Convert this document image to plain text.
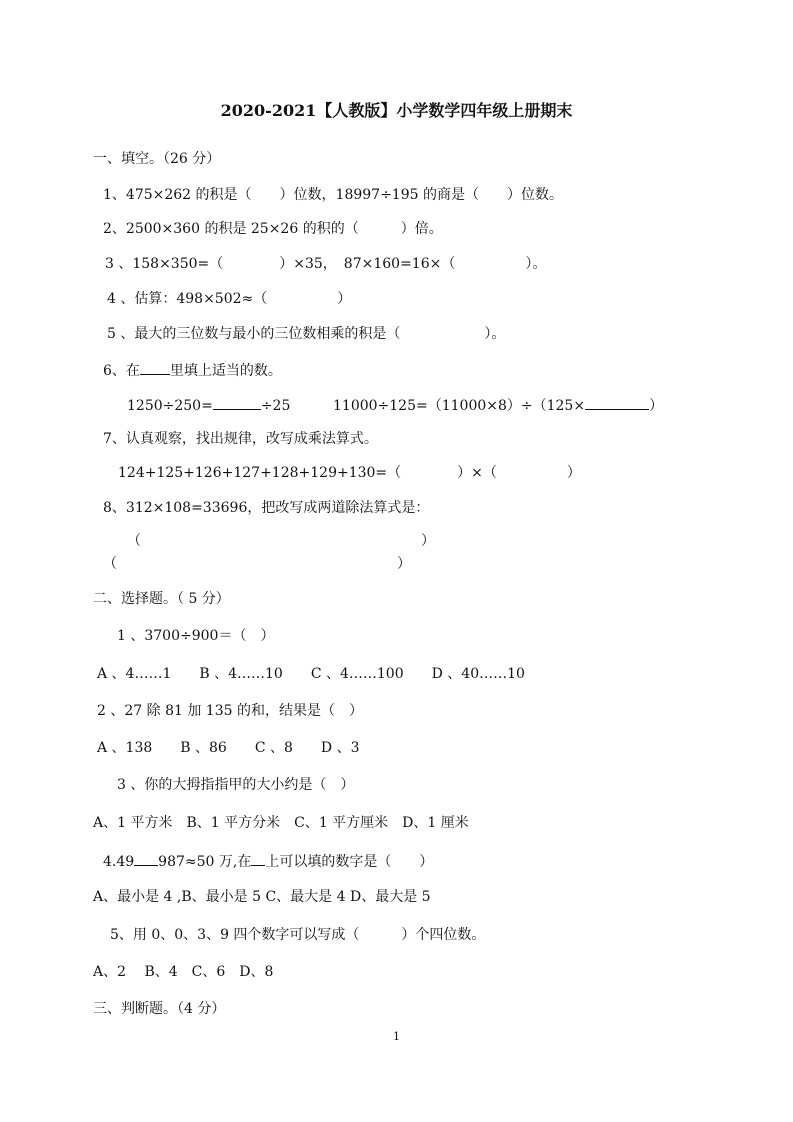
2020-2021【人教版】小学数学四年级上册期末
一、填空。（26 分）
1、475×262 的积是（　　）位数，18997÷195 的商是（　　）位数。
2、2500×360 的积是 25×26 的积的（　　　）倍。
3 、158×350=（　　　　）×35，　87×160=16×（　　　　　）。
4 、估算：498×502≈（　　　　　）
5 、最大的三位数与最小的三位数相乘的积是（　　　　　　）。
6、在 里填上适当的数。
1250÷250=	÷25	11000÷125=（11000×8）÷（125×	）
7、认真观察，找出规律，改写成乘法算式。
124+125+126+127+128+129+130=（　　　　）×（　　　　　）
8、312×108=33696，把改写成两道除法算式是：
（	）
（	）
二、选择题。（ 5 分）
1 、3700÷900＝（　）
A 、4……1　　B 、4……10　　C 、4……100　　D 、40……10
2 、27 除 81 加 135 的和，结果是（　）
A 、138　　B 、86　　C 、8　　D 、3
3 、你的大拇指指甲的大小约是（　）
A、1 平方米　B、1 平方分米　C、1 平方厘米　D、1 厘米
4.49 987≈50 万,在 上可以填的数字是（　　）
A、最小是 4 ,B、最小是 5 C、最大是 4 D、最大是 5
5、用 0、0、3、9 四个数字可以写成（　　　）个四位数。
A、2　 B、4　C、6　D、8
三、判断题。（4 分）
1
